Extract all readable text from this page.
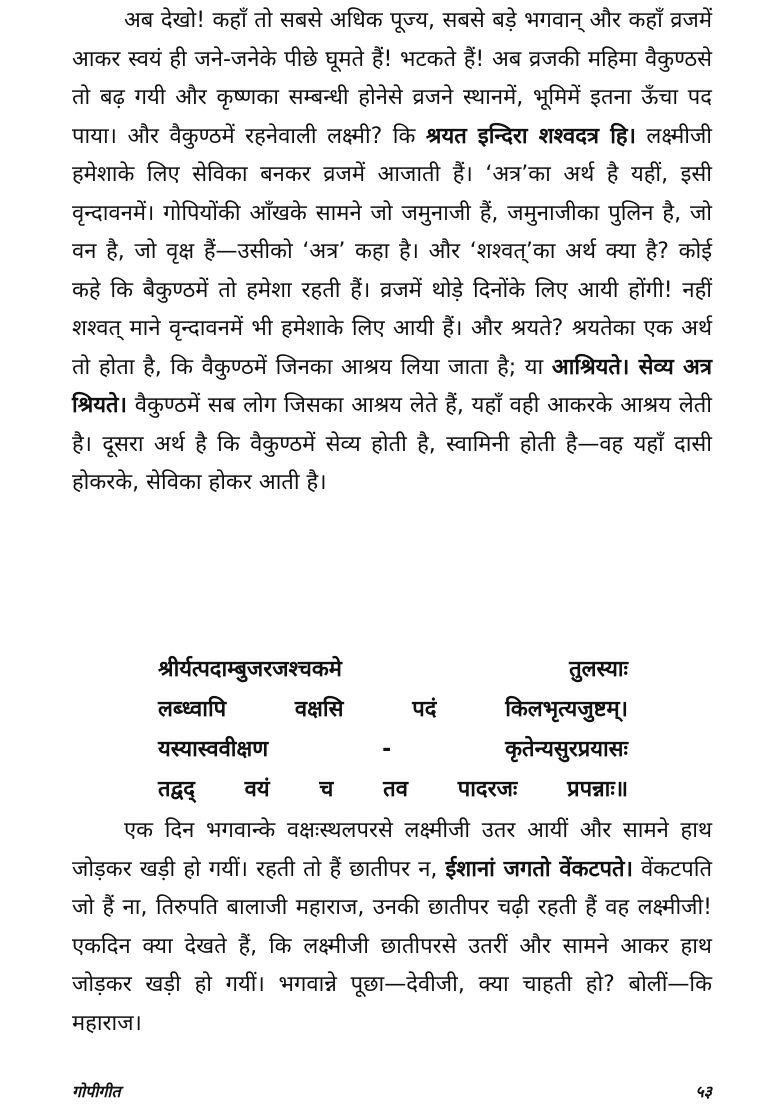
अब देखो! कहाँ तो सबसे अधिक पूज्य, सबसे बड़े भगवान् और कहाँ व्रजमें आकर स्वयं ही जने-जनेके पीछे घूमते हैं! भटकते हैं! अब व्रजकी महिमा वैकुण्ठसे तो बढ़ गयी और कृष्णका सम्बन्धी होनेसे व्रजने स्थानमें, भूमिमें इतना ऊँचा पद पाया। और वैकुण्ठमें रहनेवाली लक्ष्मी? कि श्रयत इन्दिरा शश्वदत्र हि। लक्ष्मीजी हमेशाके लिए सेविका बनकर व्रजमें आजाती हैं। ‘अत्र’का अर्थ है यहीं, इसी वृन्दावनमें। गोपियोंकी आँखके सामने जो जमुनाजी हैं, जमुनाजीका पुलिन है, जो वन है, जो वृक्ष हैं—उसीको ‘अत्र’ कहा है। और ‘शश्वत्’का अर्थ क्या है? कोई कहे कि बैकुण्ठमें तो हमेशा रहती हैं। व्रजमें थोड़े दिनोंके लिए आयी होंगी! नहीं शश्वत् माने वृन्दावनमें भी हमेशाके लिए आयी हैं। और श्रयते? श्रयतेका एक अर्थ तो होता है, कि वैकुण्ठमें जिनका आश्रय लिया जाता है; या आश्रियते। सेव्य अत्र श्रियते। वैकुण्ठमें सब लोग जिसका आश्रय लेते हैं, यहाँ वही आकरके आश्रय लेती है। दूसरा अर्थ है कि वैकुण्ठमें सेव्य होती है, स्वामिनी होती है—वह यहाँ दासी होकरके, सेविका होकर आती है।

श्रीर्यत्पदाम्बुजरजश्चकमे	तुलस्याः
लब्ध्वापि	वक्षसि	पदं	किलभृत्यजुष्टम्।
यस्यास्ववीक्षण	-	कृतेन्यसुरप्रयासः
तद्वद् वयं च तव पादरजः प्रपन्नाः॥

एक दिन भगवान्के वक्षःस्थलपरसे लक्ष्मीजी उतर आयीं और सामने हाथ जोड़कर खड़ी हो गयीं। रहती तो हैं छातीपर न, ईशानां जगतो वेंकटपते। वेंकटपति जो हैं ना, तिरुपति बालाजी महाराज, उनकी छातीपर चढ़ी रहती हैं वह लक्ष्मीजी! एकदिन क्या देखते हैं, कि लक्ष्मीजी छातीपरसे उतरीं और सामने आकर हाथ जोड़कर खड़ी हो गयीं। भगवान्ने पूछा—देवीजी, क्या चाहती हो? बोलीं—कि महाराज।

गोपीगीत	५३
